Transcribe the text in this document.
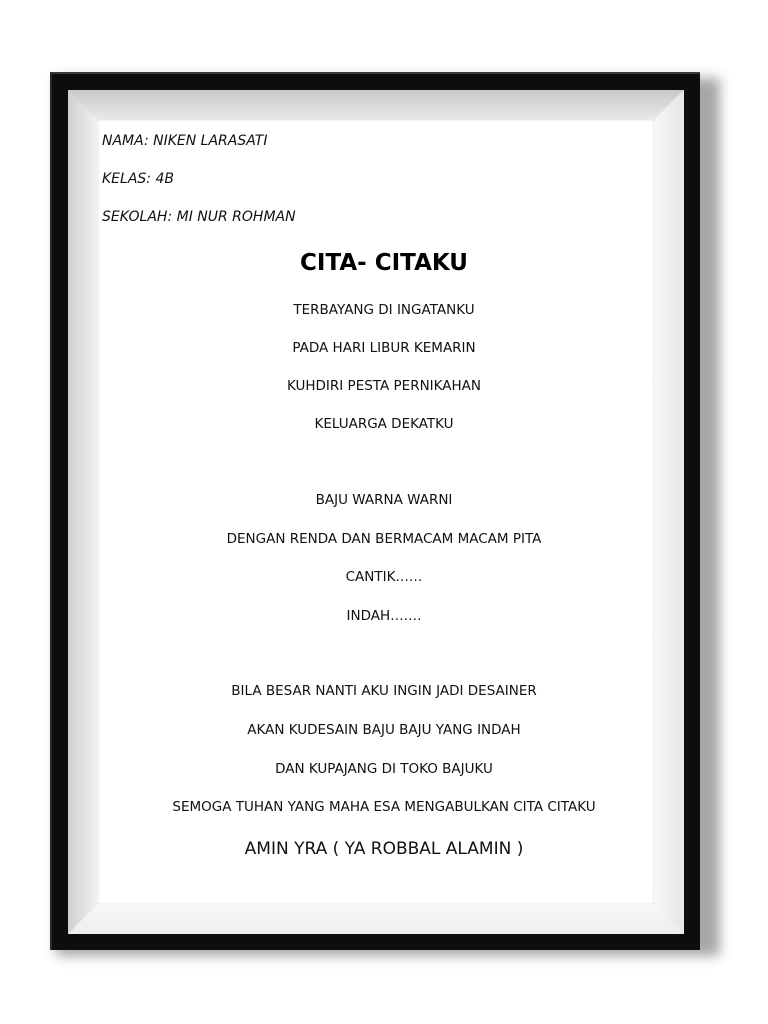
NAMA: NIKEN LARASATI
KELAS: 4B
SEKOLAH: MI NUR ROHMAN
CITA- CITAKU
TERBAYANG DI INGATANKU
PADA HARI LIBUR KEMARIN
KUHDIRI PESTA PERNIKAHAN
KELUARGA DEKATKU
BAJU WARNA WARNI
DENGAN RENDA DAN BERMACAM MACAM PITA
CANTIK……
INDAH…….
BILA BESAR NANTI AKU INGIN JADI DESAINER
AKAN KUDESAIN BAJU BAJU YANG INDAH
DAN KUPAJANG DI TOKO BAJUKU
SEMOGA TUHAN YANG MAHA ESA MENGABULKAN CITA CITAKU
AMIN YRA ( YA ROBBAL ALAMIN )
